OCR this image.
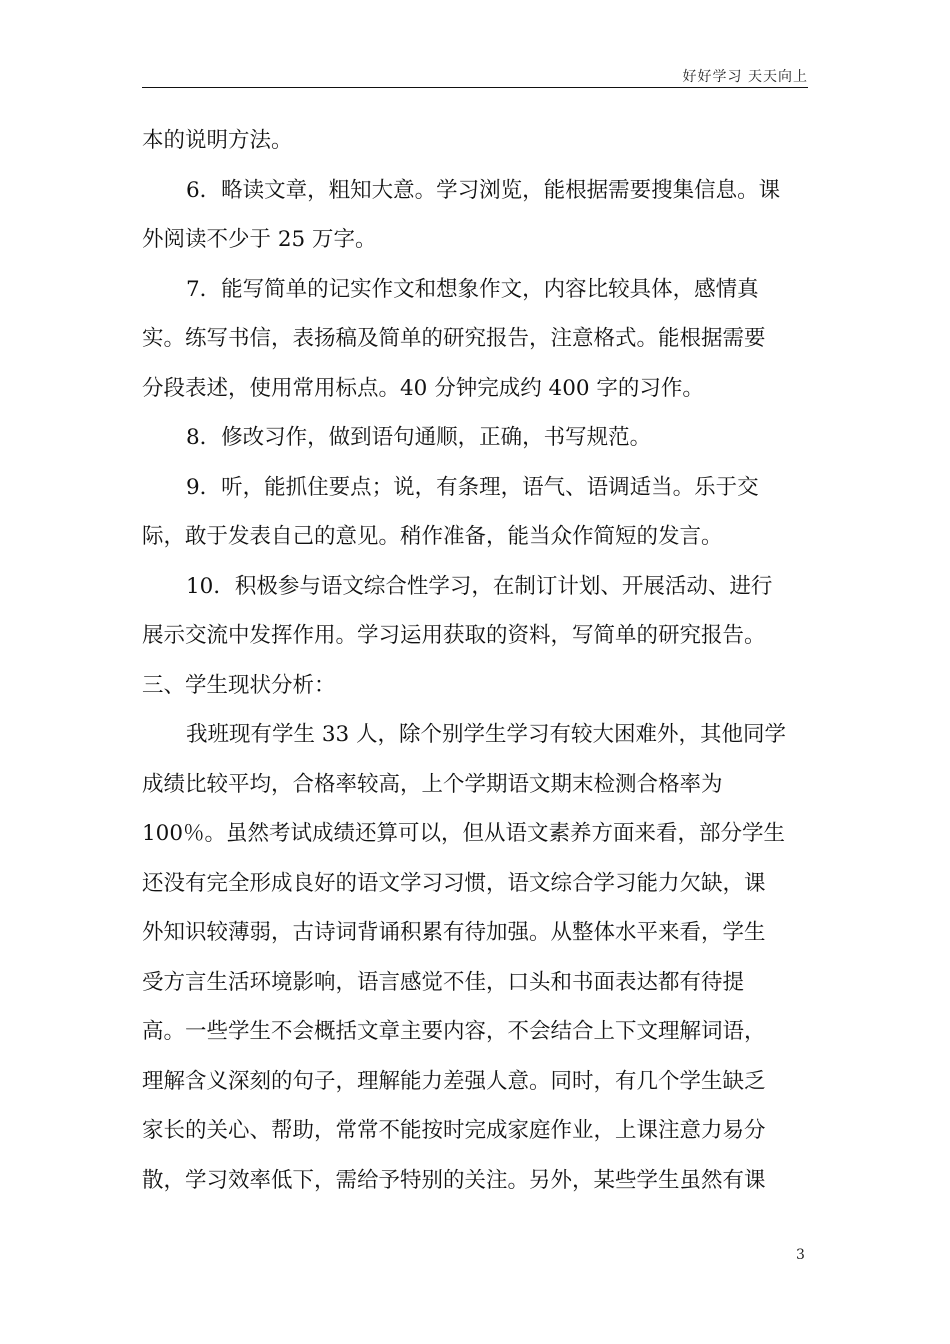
好好学习 天天向上
本的说明方法。
6．略读文章，粗知大意。学习浏览，能根据需要搜集信息。课
外阅读不少于 25 万字。
7．能写简单的记实作文和想象作文，内容比较具体，感情真
实。练写书信，表扬稿及简单的研究报告，注意格式。能根据需要
分段表述，使用常用标点。40 分钟完成约 400 字的习作。
8．修改习作，做到语句通顺，正确，书写规范。
9．听，能抓住要点；说，有条理，语气、语调适当。乐于交
际，敢于发表自己的意见。稍作准备，能当众作简短的发言。
10．积极参与语文综合性学习，在制订计划、开展活动、进行
展示交流中发挥作用。学习运用获取的资料，写简单的研究报告。
三、学生现状分析：
我班现有学生 33 人，除个别学生学习有较大困难外，其他同学
成绩比较平均，合格率较高，上个学期语文期末检测合格率为
100％。虽然考试成绩还算可以，但从语文素养方面来看，部分学生
还没有完全形成良好的语文学习习惯，语文综合学习能力欠缺，课
外知识较薄弱，古诗词背诵积累有待加强。从整体水平来看，学生
受方言生活环境影响，语言感觉不佳，口头和书面表达都有待提
高。一些学生不会概括文章主要内容，不会结合上下文理解词语，
理解含义深刻的句子，理解能力差强人意。同时，有几个学生缺乏
家长的关心、帮助，常常不能按时完成家庭作业，上课注意力易分
散，学习效率低下，需给予特别的关注。另外，某些学生虽然有课
3
